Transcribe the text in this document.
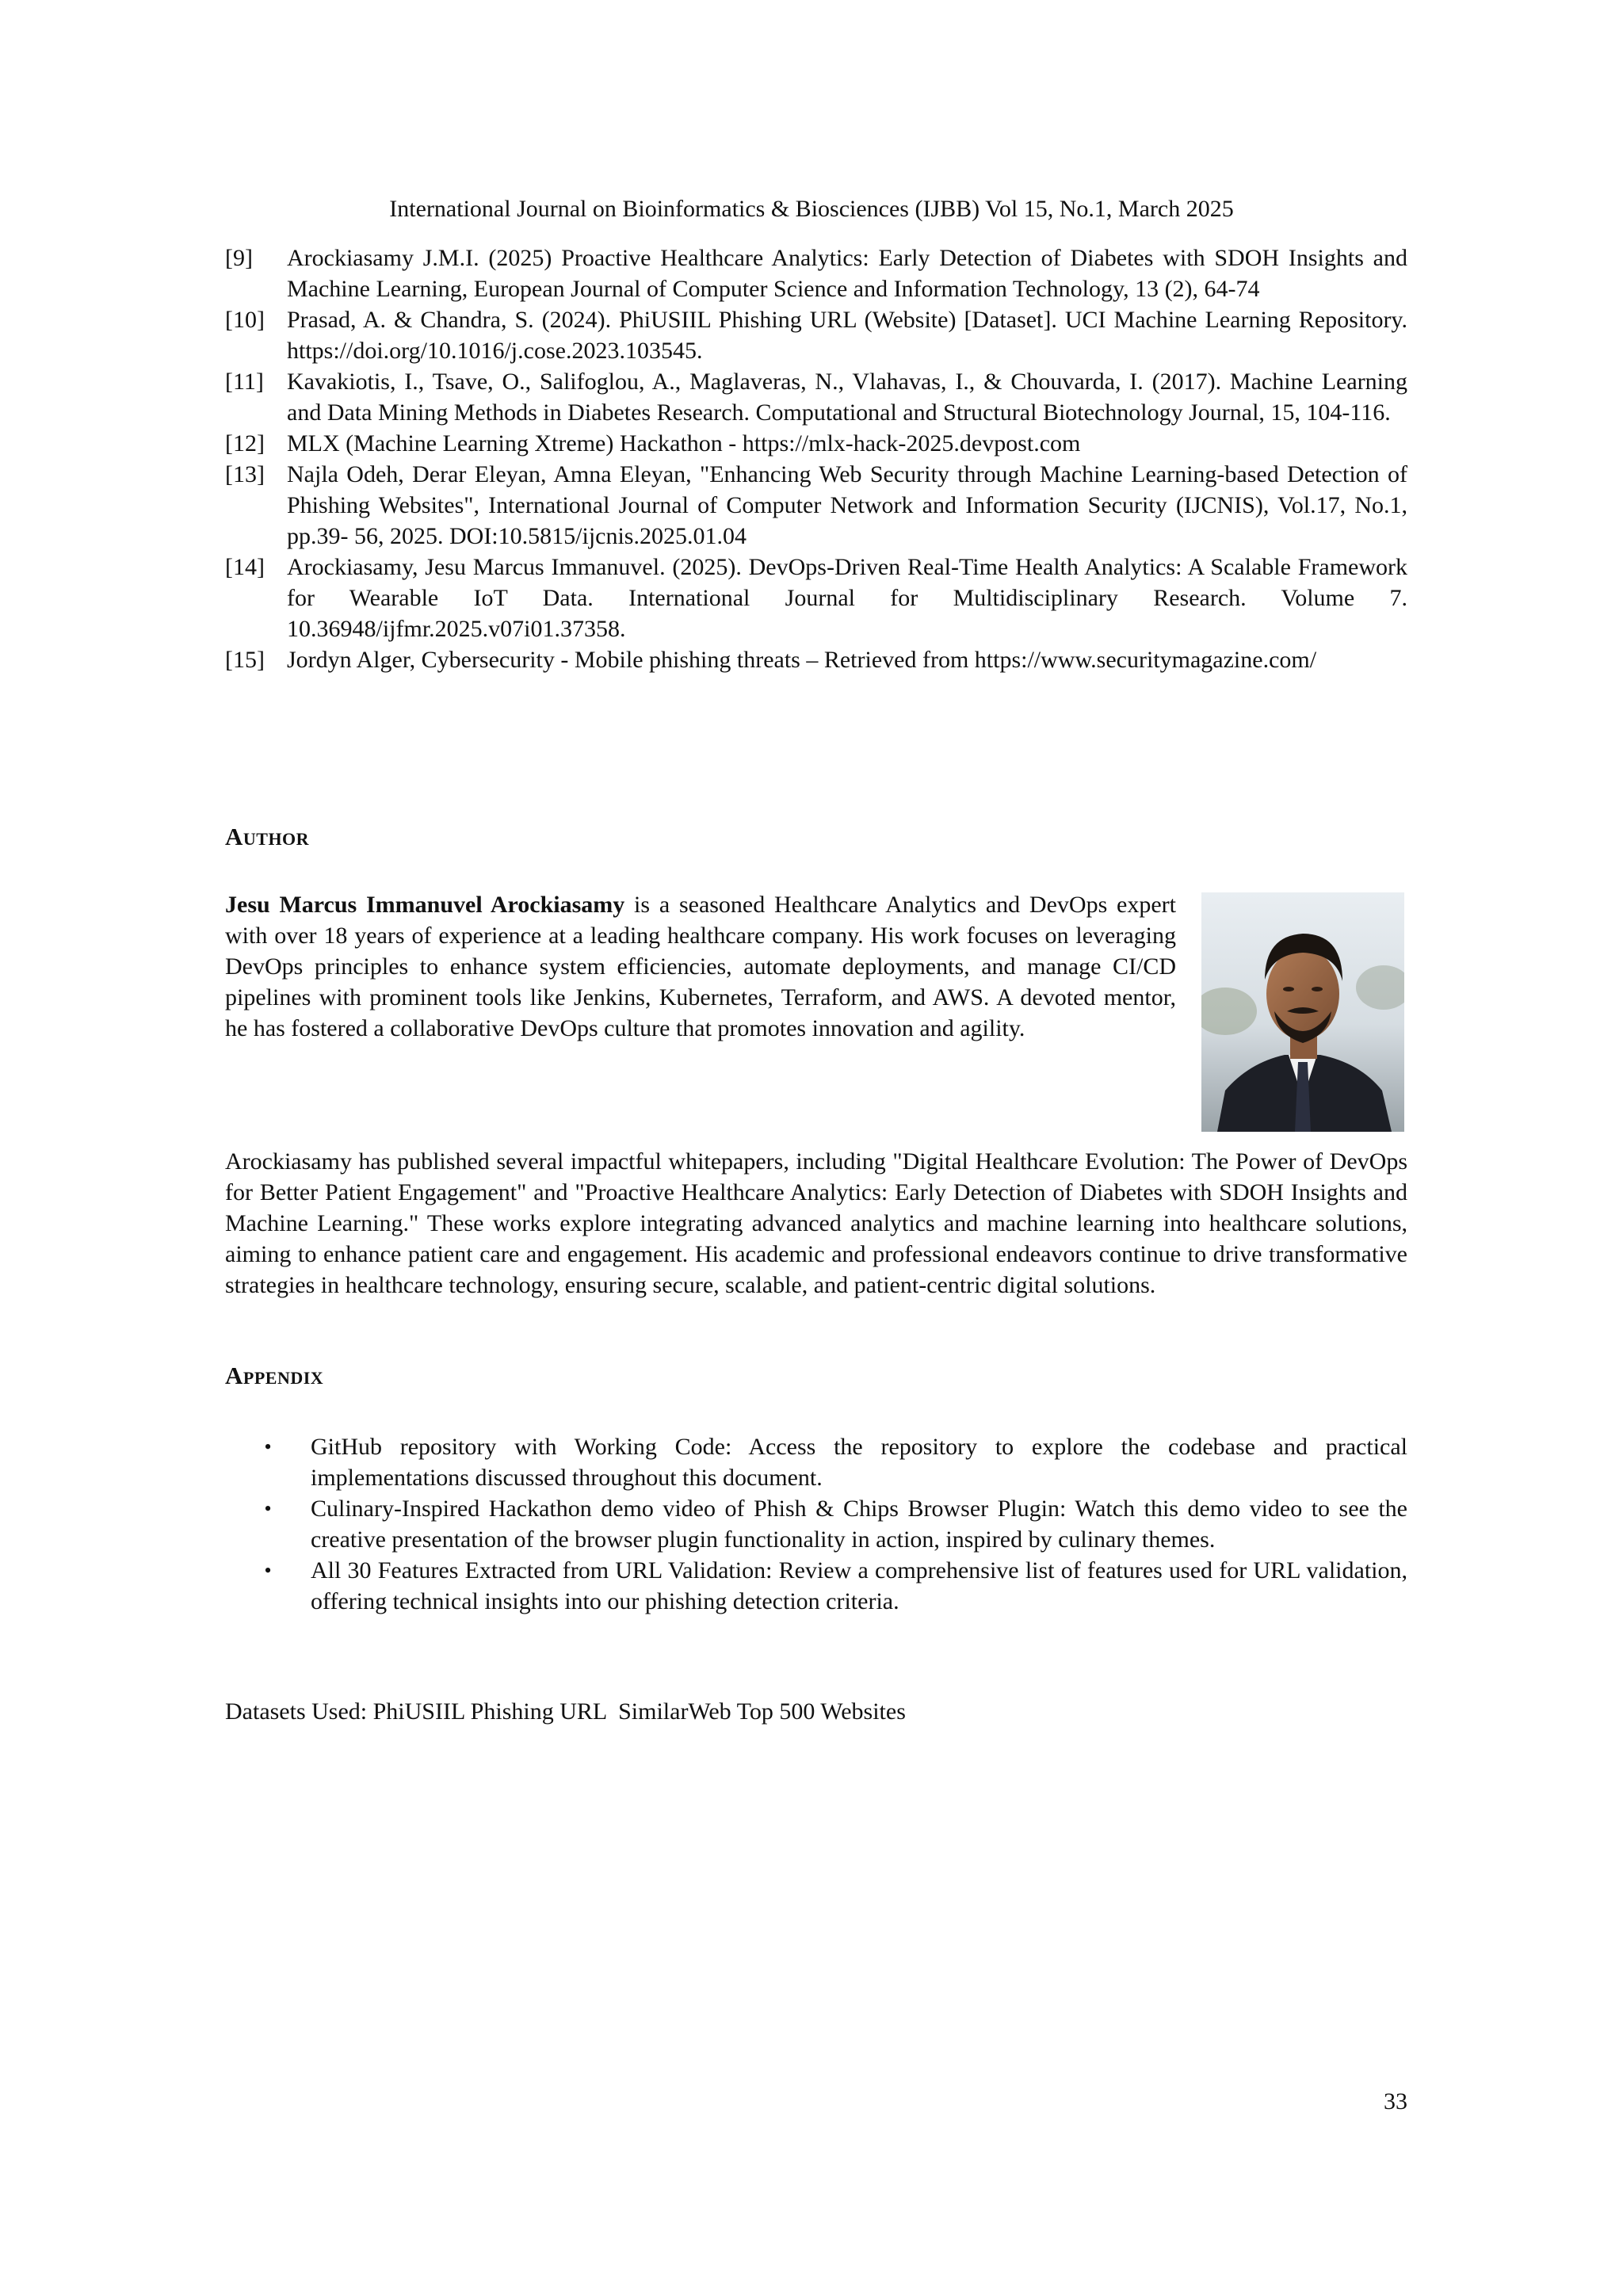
International Journal on Bioinformatics & Biosciences (IJBB) Vol 15, No.1, March 2025
[9]	Arockiasamy J.M.I. (2025) Proactive Healthcare Analytics: Early Detection of Diabetes with SDOH Insights and Machine Learning, European Journal of Computer Science and Information Technology, 13 (2), 64-74
[10] Prasad, A. & Chandra, S. (2024). PhiUSIIL Phishing URL (Website) [Dataset]. UCI Machine Learning Repository. https://doi.org/10.1016/j.cose.2023.103545.
[11] Kavakiotis, I., Tsave, O., Salifoglou, A., Maglaveras, N., Vlahavas, I., & Chouvarda, I. (2017). Machine Learning and Data Mining Methods in Diabetes Research. Computational and Structural Biotechnology Journal, 15, 104-116.
[12] MLX (Machine Learning Xtreme) Hackathon - https://mlx-hack-2025.devpost.com
[13] Najla Odeh, Derar Eleyan, Amna Eleyan, "Enhancing Web Security through Machine Learning-based Detection of Phishing Websites", International Journal of Computer Network and Information Security (IJCNIS), Vol.17, No.1, pp.39- 56, 2025. DOI:10.5815/ijcnis.2025.01.04
[14] Arockiasamy, Jesu Marcus Immanuvel. (2025). DevOps-Driven Real-Time Health Analytics: A Scalable Framework for Wearable IoT Data. International Journal for Multidisciplinary Research. Volume 7. 10.36948/ijfmr.2025.v07i01.37358.
[15] Jordyn Alger, Cybersecurity - Mobile phishing threats – Retrieved from https://www.securitymagazine.com/
Author
Jesu Marcus Immanuvel Arockiasamy is a seasoned Healthcare Analytics and DevOps expert with over 18 years of experience at a leading healthcare company. His work focuses on leveraging DevOps principles to enhance system efficiencies, automate deployments, and manage CI/CD pipelines with prominent tools like Jenkins, Kubernetes, Terraform, and AWS. A devoted mentor, he has fostered a collaborative DevOps culture that promotes innovation and agility.
Arockiasamy has published several impactful whitepapers, including "Digital Healthcare Evolution: The Power of DevOps for Better Patient Engagement" and "Proactive Healthcare Analytics: Early Detection of Diabetes with SDOH Insights and Machine Learning." These works explore integrating advanced analytics and machine learning into healthcare solutions, aiming to enhance patient care and engagement. His academic and professional endeavors continue to drive transformative strategies in healthcare technology, ensuring secure, scalable, and patient-centric digital solutions.
Appendix
•	GitHub repository with Working Code: Access the repository to explore the codebase and practical implementations discussed throughout this document.
•	Culinary-Inspired Hackathon demo video of Phish & Chips Browser Plugin: Watch this demo video to see the creative presentation of the browser plugin functionality in action, inspired by culinary themes.
•	All 30 Features Extracted from URL Validation: Review a comprehensive list of features used for URL validation, offering technical insights into our phishing detection criteria.
Datasets Used: PhiUSIIL Phishing URL  SimilarWeb Top 500 Websites
33
